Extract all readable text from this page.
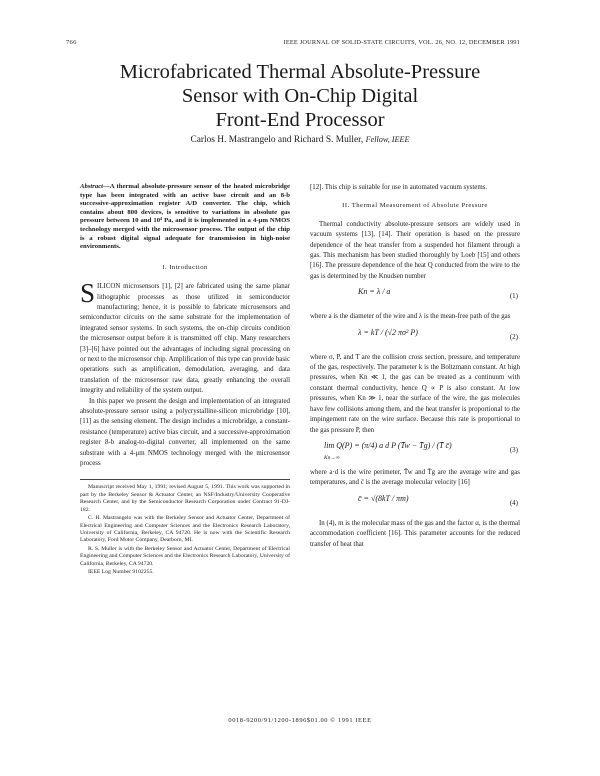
766	IEEE JOURNAL OF SOLID-STATE CIRCUITS, VOL. 26, NO. 12, DECEMBER 1991
Microfabricated Thermal Absolute-Pressure
Sensor with On-Chip Digital
Front-End Processor
Carlos H. Mastrangelo and Richard S. Muller, Fellow, IEEE

Abstract—A thermal absolute-pressure sensor of the heated microbridge type has been integrated with an active base circuit and an 8-b successive-approximation register A/D converter. The chip, which contains about 800 devices, is sensitive to variations in absolute gas pressure between 10 and 10⁴ Pa, and it is implemented in a 4-μm NMOS technology merged with the microsensor process. The output of the chip is a robust digital signal adequate for transmission in high-noise environments.

I. Introduction

SILICON microsensors [1], [2] are fabricated using the same planar lithographic processes as those utilized in semiconductor manufacturing; hence, it is possible to fabricate microsensors and semiconductor circuits on the same substrate for the implementation of integrated sensor systems. In such systems, the on-chip circuits condition the microsensor output before it is transmitted off chip. Many researchers [3]–[6] have pointed out the advantages of including signal processing on or next to the microsensor chip. Amplification of this type can provide basic operations such as amplification, demodulation, averaging, and data translation of the microsensor raw data, greatly enhancing the overall integrity and reliability of the system output.

In this paper we present the design and implementation of an integrated absolute-pressure sensor using a polycrystalline-silicon microbridge [10], [11] as the sensing element. The design includes a microbridge, a constant-resistance (temperature) active bias circuit, and a successive-approximation register 8-b analog-to-digital converter, all implemented on the same substrate with a 4-μm NMOS technology merged with the microsensor process

Manuscript received May 1, 1991; revised August 5, 1991. This work was supported in part by the Berkeley Sensor & Actuator Center, an NSF/Industry/University Cooperative Research Center, and by the Semiconductor Research Corporation under Contract 91-DJ-182.

C. H. Mastrangelo was with the Berkeley Sensor and Actuator Center, Department of Electrical Engineering and Computer Sciences and the Electronics Research Laboratory, University of California, Berkeley, CA 94720. He is now with the Scientific Research Laboratory, Ford Motor Company, Dearborn, MI.

R. S. Muller is with the Berkeley Sensor and Actuator Center, Department of Electrical Engineering and Computer Sciences and the Electronics Research Laboratory, University of California, Berkeley, CA 94720.

IEEE Log Number 9102255.

[12]. This chip is suitable for use in automated vacuum systems.

II. Thermal Measurement of Absolute Pressure

Thermal conductivity absolute-pressure sensors are widely used in vacuum systems [13], [14]. Their operation is based on the pressure dependence of the heat transfer from a suspended hot filament through a gas. This mechanism has been studied thoroughly by Loeb [15] and others [16]. The pressure dependence of the heat Q conducted from the wire to the gas is determined by the Knudsen number

Kn = λ / a	(1)

where a is the diameter of the wire and λ is the mean-free path of the gas

λ = kT / (√2 πσ² P)	(2)

where σ, P, and T are the collision cross section, pressure, and temperature of the gas, respectively. The parameter k is the Boltzmann constant. At high pressures, when Kn ≪ 1, the gas can be treated as a continuum with constant thermal conductivity, hence Q ∝ P is also constant. At low pressures, when Kn ≫ 1, near the surface of the wire, the gas molecules have few collisions among them, and the heat transfer is proportional to the impingement rate on the wire surface. Because this rate is proportional to the gas pressure P, then

lim Q(P) = (π/4) a d P (T̄w − T̄g) / (T̄ c̄)
Kn→∞
(3)

where a·d is the wire perimeter, T̄w and T̄g are the average wire and gas temperatures, and c̄ is the average molecular velocity [16]

c̄ = √(8kT / πm)	(4)

In (4), m is the molecular mass of the gas and the factor α, is the thermal accommodation coefficient [16]. This parameter accounts for the reduced transfer of heat that

0018-9200/91/1200-1896$01.00 © 1991 IEEE
